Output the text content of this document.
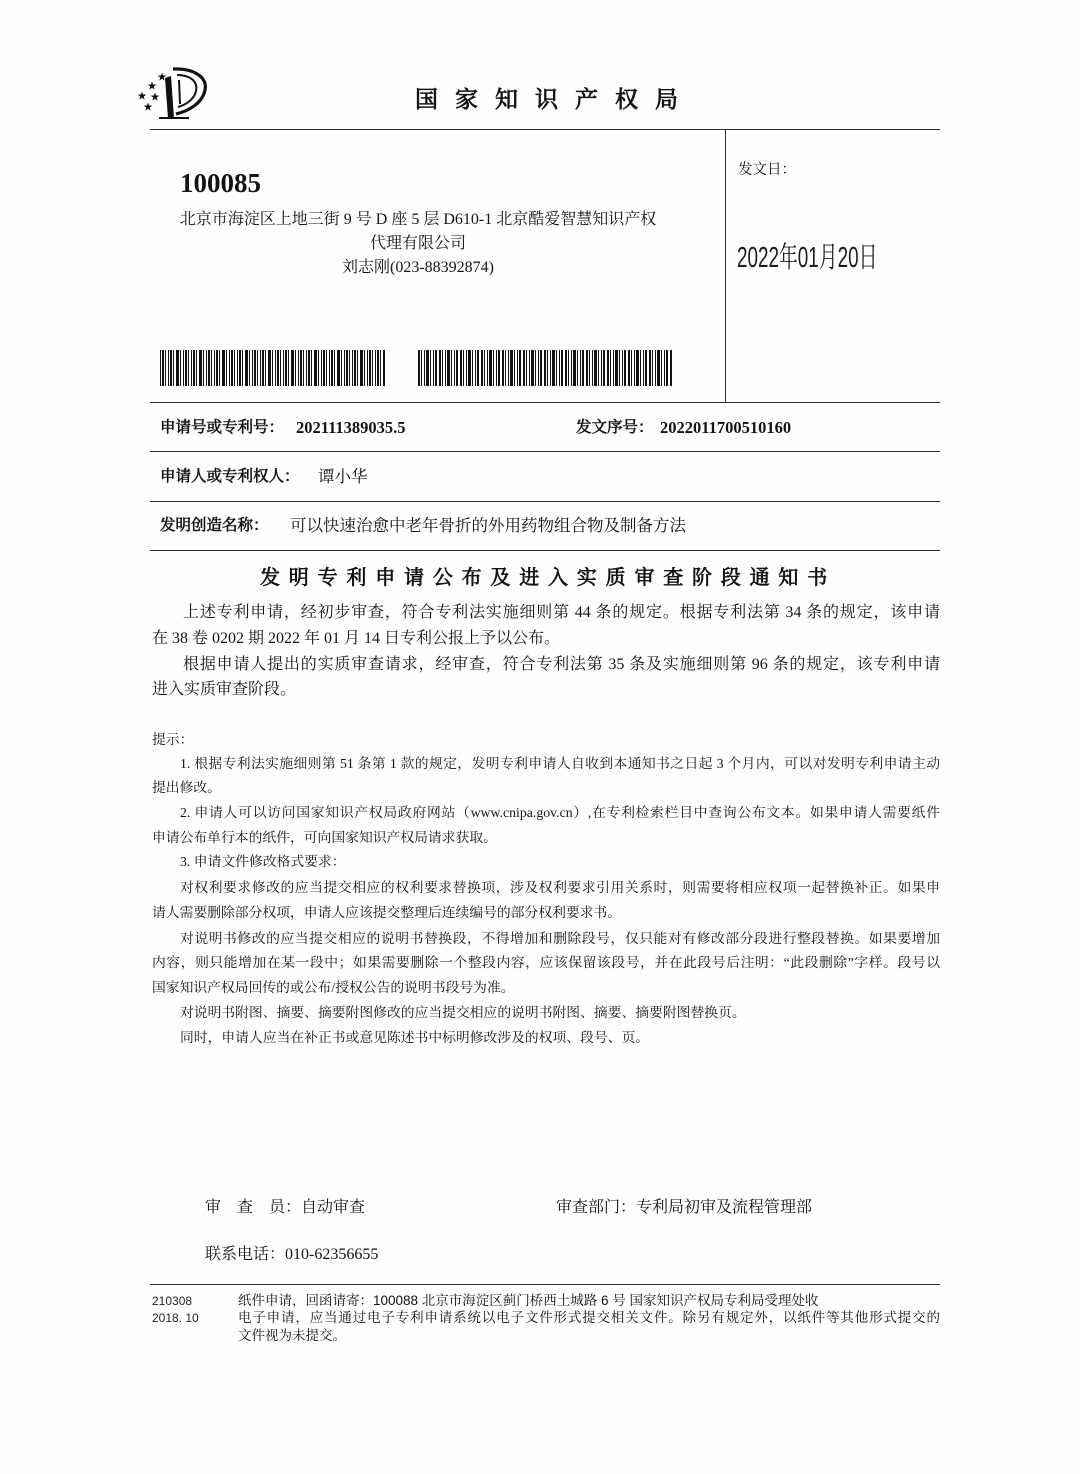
国家知识产权局
100085
北京市海淀区上地三街 9 号 D 座 5 层 D610-1 北京酷爱智慧知识产权
代理有限公司
刘志刚(023-88392874)
发文日：
2022年01月20日
申请号或专利号： 202111389035.5	发文序号： 2022011700510160
申请人或专利权人： 谭小华
发明创造名称： 可以快速治愈中老年骨折的外用药物组合物及制备方法
发明专利申请公布及进入实质审查阶段通知书
上述专利申请，经初步审查，符合专利法实施细则第 44 条的规定。根据专利法第 34 条的规定，该申请
在 38 卷 0202 期 2022 年 01 月 14 日专利公报上予以公布。
根据申请人提出的实质审查请求，经审查，符合专利法第 35 条及实施细则第 96 条的规定，该专利申请
进入实质审查阶段。
提示：
1. 根据专利法实施细则第 51 条第 1 款的规定，发明专利申请人自收到本通知书之日起 3 个月内，可以对发明专利申请主动
提出修改。
2. 申请人可以访问国家知识产权局政府网站（www.cnipa.gov.cn）,在专利检索栏目中查询公布文本。如果申请人需要纸件
申请公布单行本的纸件，可向国家知识产权局请求获取。
3. 申请文件修改格式要求：
对权利要求修改的应当提交相应的权利要求替换项，涉及权利要求引用关系时，则需要将相应权项一起替换补正。如果申
请人需要删除部分权项，申请人应该提交整理后连续编号的部分权利要求书。
对说明书修改的应当提交相应的说明书替换段，不得增加和删除段号，仅只能对有修改部分段进行整段替换。如果要增加
内容，则只能增加在某一段中；如果需要删除一个整段内容，应该保留该段号，并在此段号后注明：“此段删除”字样。段号以
国家知识产权局回传的或公布/授权公告的说明书段号为准。
对说明书附图、摘要、摘要附图修改的应当提交相应的说明书附图、摘要、摘要附图替换页。
同时，申请人应当在补正书或意见陈述书中标明修改涉及的权项、段号、页。
审　查　员：自动审查	审查部门：专利局初审及流程管理部
联系电话：010-62356655
210308
2018. 10
纸件申请，回函请寄：100088 北京市海淀区蓟门桥西土城路 6 号 国家知识产权局专利局受理处收
电子申请，应当通过电子专利申请系统以电子文件形式提交相关文件。除另有规定外，以纸件等其他形式提交的
文件视为未提交。
